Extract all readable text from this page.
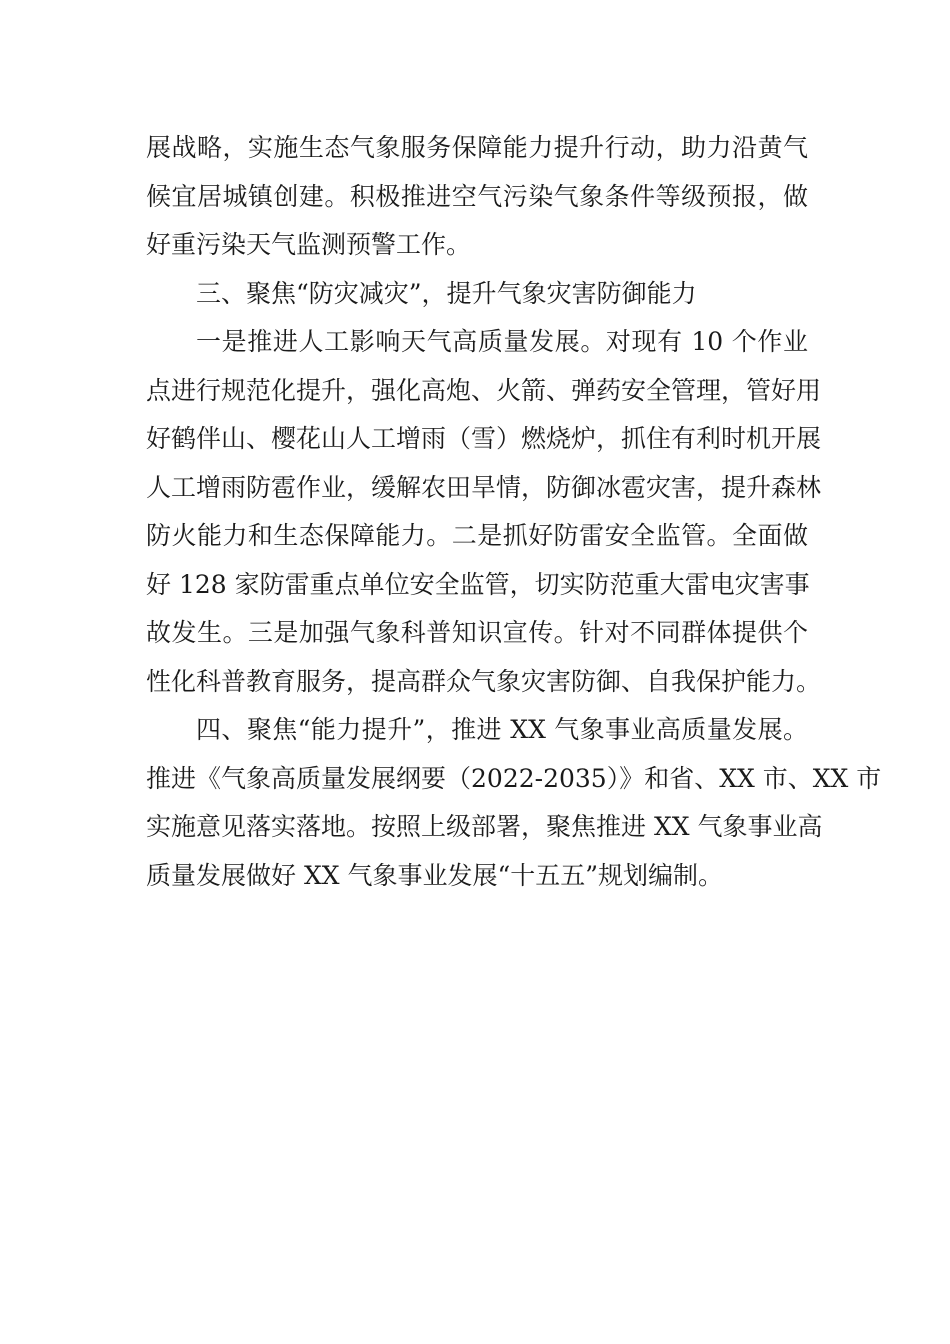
展战略，实施生态气象服务保障能力提升行动，助力沿黄气
候宜居城镇创建。积极推进空气污染气象条件等级预报，做
好重污染天气监测预警工作。
三、聚焦“防灾减灾”，提升气象灾害防御能力
一是推进人工影响天气高质量发展。对现有 10 个作业
点进行规范化提升，强化高炮、火箭、弹药安全管理，管好用
好鹤伴山、樱花山人工增雨（雪）燃烧炉，抓住有利时机开展
人工增雨防雹作业，缓解农田旱情，防御冰雹灾害，提升森林
防火能力和生态保障能力。二是抓好防雷安全监管。全面做
好 128 家防雷重点单位安全监管，切实防范重大雷电灾害事
故发生。三是加强气象科普知识宣传。针对不同群体提供个
性化科普教育服务，提高群众气象灾害防御、自我保护能力。
四、聚焦“能力提升”，推进 XX 气象事业高质量发展。
推进《气象高质量发展纲要（2022-2035）》和省、XX 市、XX 市
实施意见落实落地。按照上级部署，聚焦推进 XX 气象事业高
质量发展做好 XX 气象事业发展“十五五”规划编制。
